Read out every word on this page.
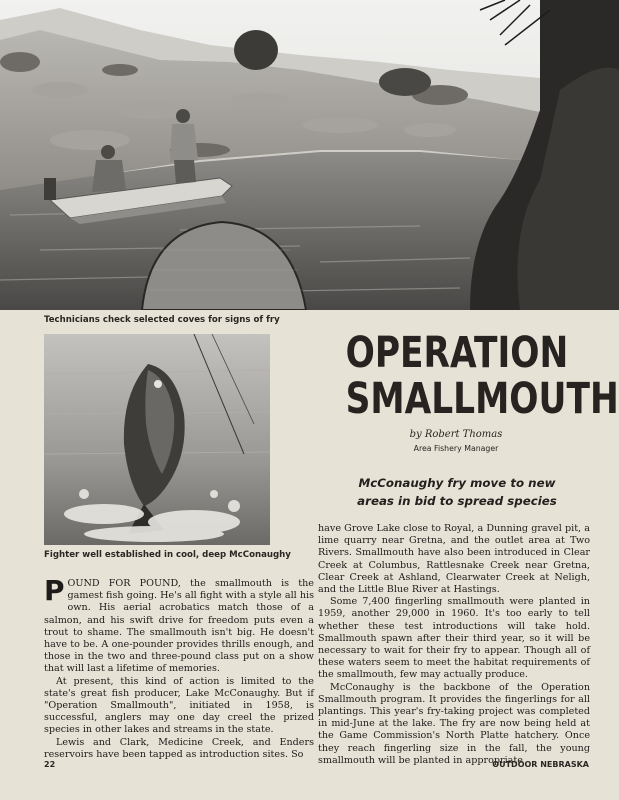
Technicians check selected coves for signs of fry
Fighter well established in cool, deep McConaughy
OPERATION
SMALLMOUTH
by Robert Thomas
Area Fishery Manager
McConaughy fry move to new
areas in bid to spread species

POUND FOR POUND, the smallmouth is the gamest fish going. He's all fight with a style all his own. His aerial acrobatics match those of a salmon, and his swift drive for freedom puts even a trout to shame. The smallmouth isn't big. He doesn't have to be. A one-pounder provides thrills enough, and those in the two and three-pound class put on a show that will last a lifetime of memories.

At present, this kind of action is limited to the state's great fish producer, Lake McConaughy. But if "Operation Smallmouth", initiated in 1958, is successful, anglers may one day creel the prized species in other lakes and streams in the state.

Lewis and Clark, Medicine Creek, and Enders reservoirs have been tapped as introduction sites. So

have Grove Lake close to Royal, a Dunning gravel pit, a lime quarry near Gretna, and the outlet area at Two Rivers. Smallmouth have also been introduced in Clear Creek at Columbus, Rattlesnake Creek near Gretna, Clear Creek at Ashland, Clearwater Creek at Neligh, and the Little Blue River at Hastings.

Some 7,400 fingerling smallmouth were planted in 1959, another 29,000 in 1960. It's too early to tell whether these test introductions will take hold. Smallmouth spawn after their third year, so it will be necessary to wait for their fry to appear. Though all of these waters seem to meet the habitat requirements of the smallmouth, few may actually produce.

McConaughy is the backbone of the Operation Smallmouth program. It provides the fingerlings for all plantings. This year's fry-taking project was completed in mid-June at the lake. The fry are now being held at the Game Commission's North Platte hatchery. Once they reach fingerling size in the fall, the young smallmouth will be planted in appropriate

22	OUTDOOR NEBRASKA
